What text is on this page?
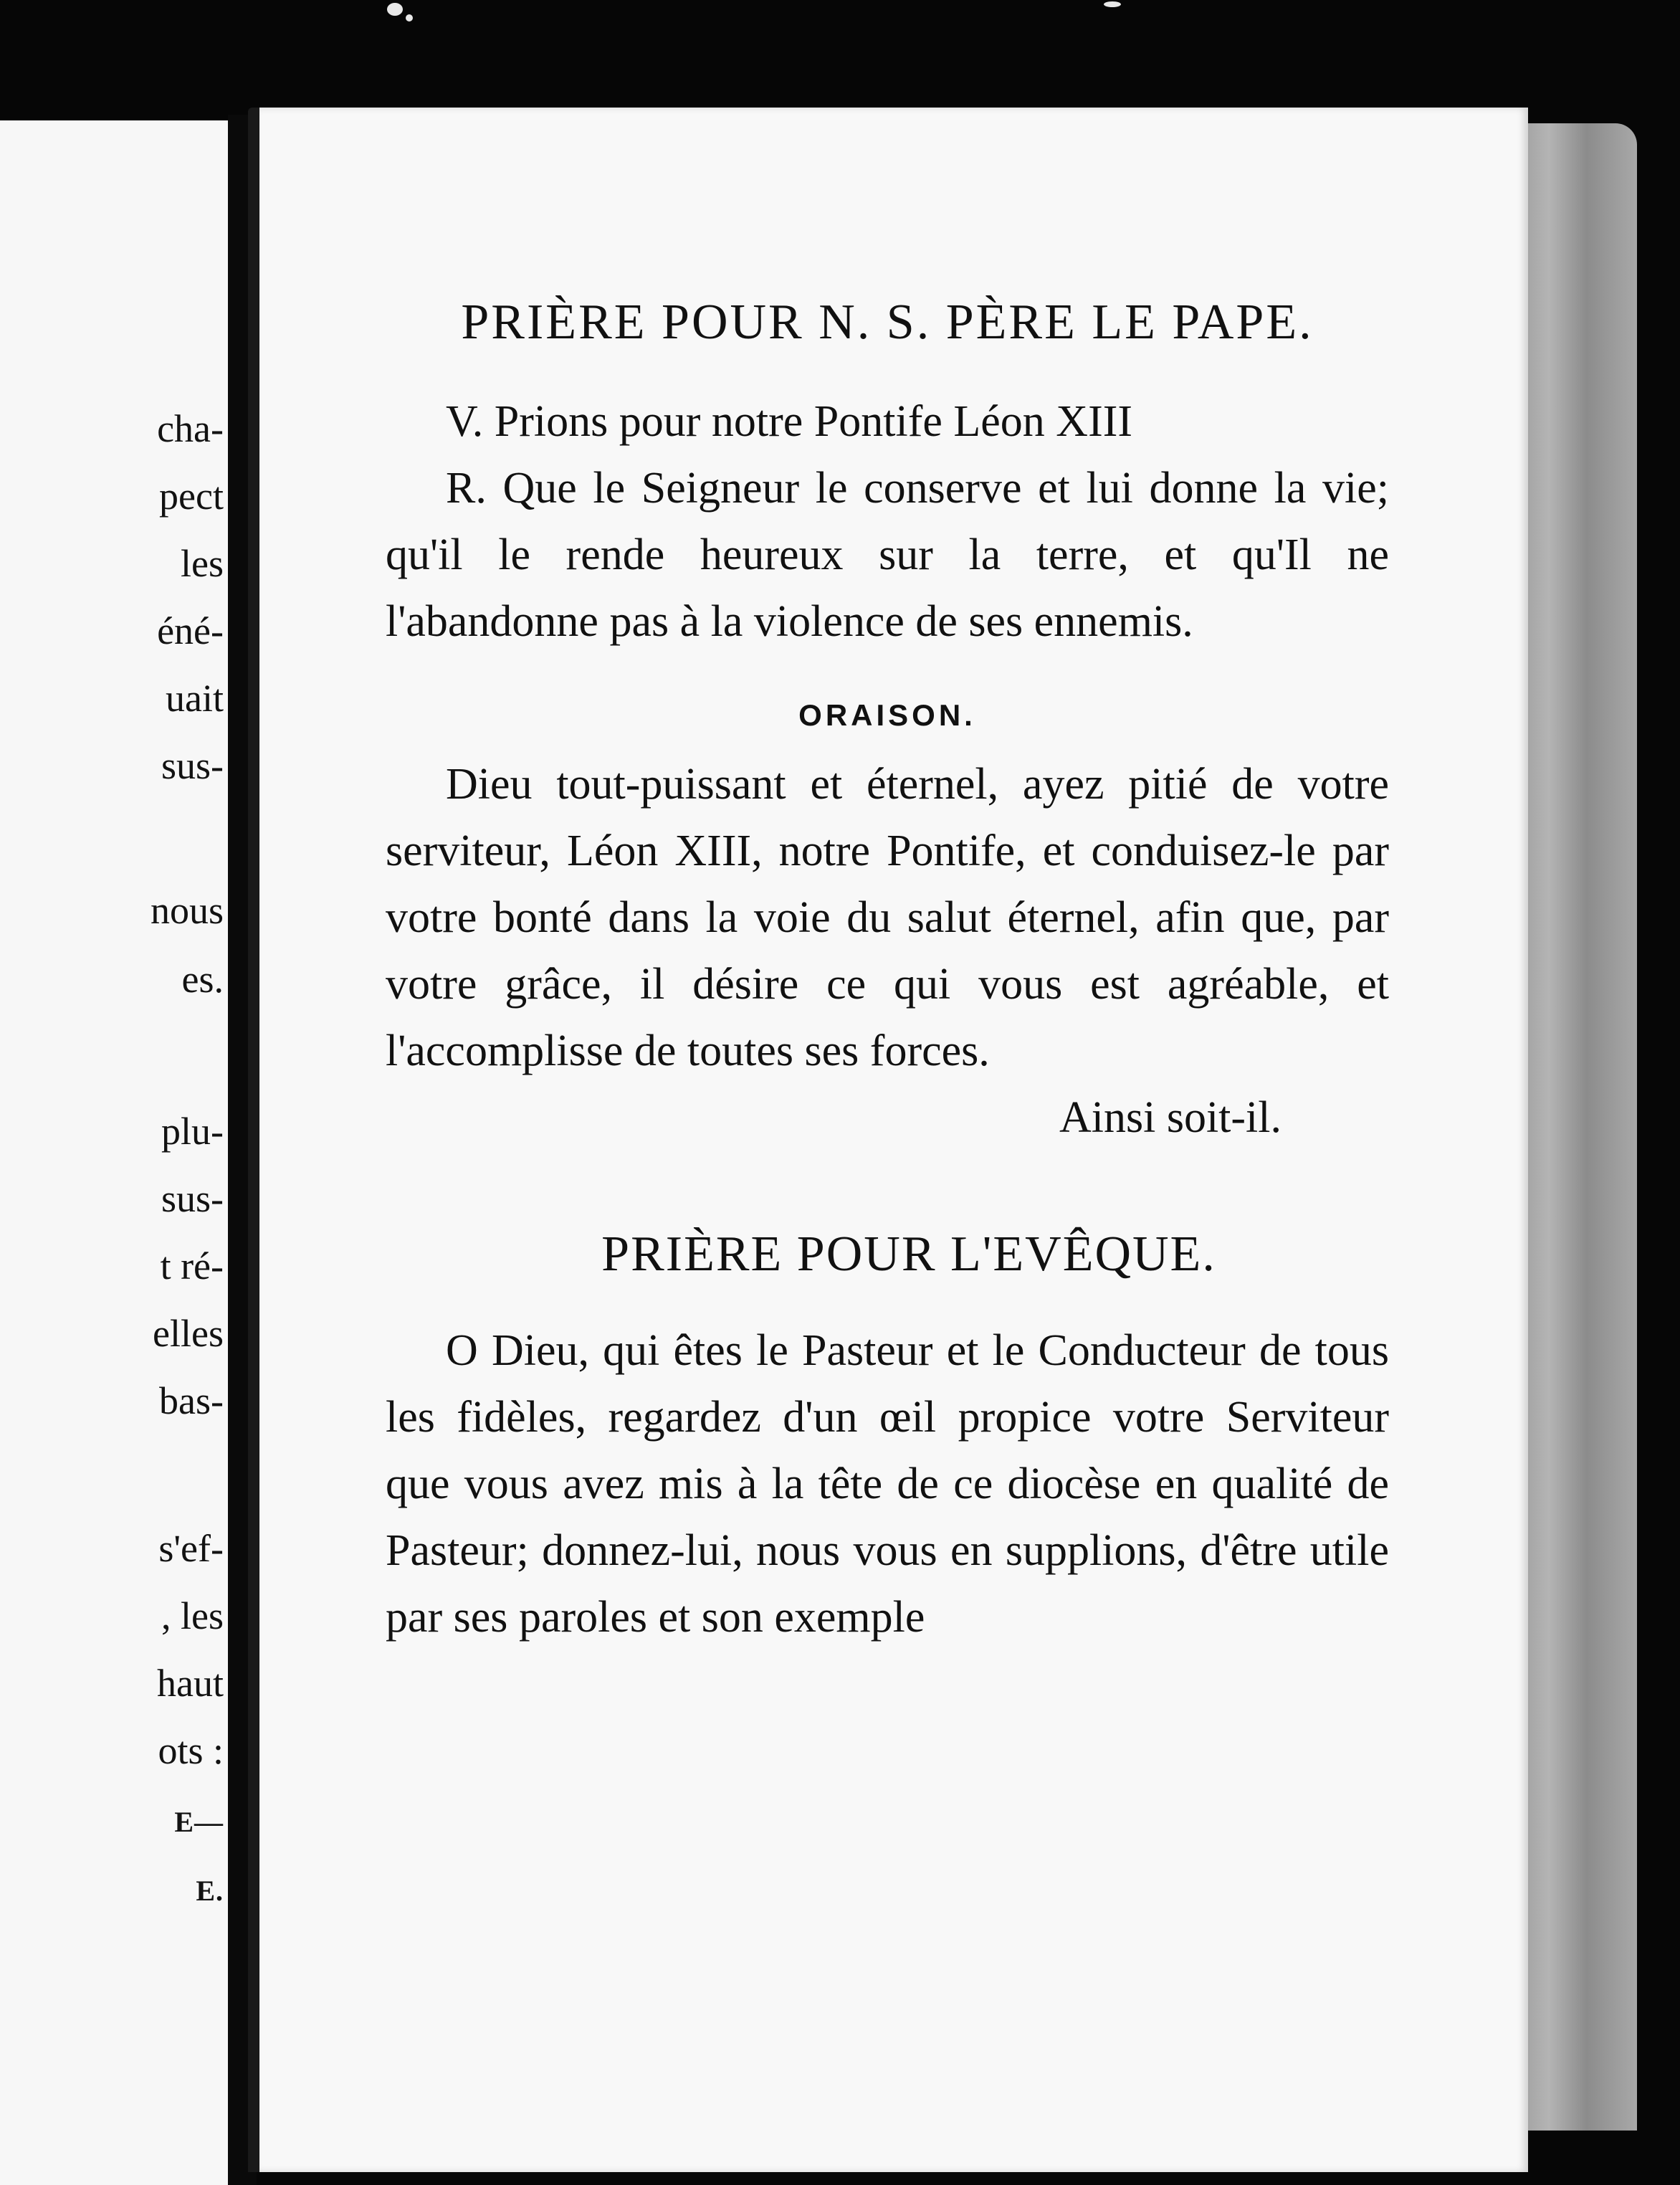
cha-
pect
les
éné-
uait
sus-
nous
es.
plu-
sus-
t ré-
elles
bas-
s'ef-
, les
haut
ots :
E—
E.
PRIÈRE POUR N. S. PÈRE LE PAPE.

V. Prions pour notre Pontife Léon XIII

R. Que le Seigneur le conserve et lui donne la vie; qu'il le rende heureux sur la terre, et qu'Il ne l'abandonne pas à la violence de ses ennemis.

ORAISON.

Dieu tout-puissant et éternel, ayez pitié de votre serviteur, Léon XIII, notre Pontife, et conduisez-le par votre bonté dans la voie du salut éternel, afin que, par votre grâce, il désire ce qui vous est agréable, et l'accomplisse de toutes ses forces.

Ainsi soit-il.
PRIÈRE POUR L'EVÊQUE.

O Dieu, qui êtes le Pasteur et le Conducteur de tous les fidèles, regardez d'un œil propice votre Serviteur que vous avez mis à la tête de ce diocèse en qualité de Pasteur; donnez-lui, nous vous en supplions, d'être utile par ses paroles et son exemple
